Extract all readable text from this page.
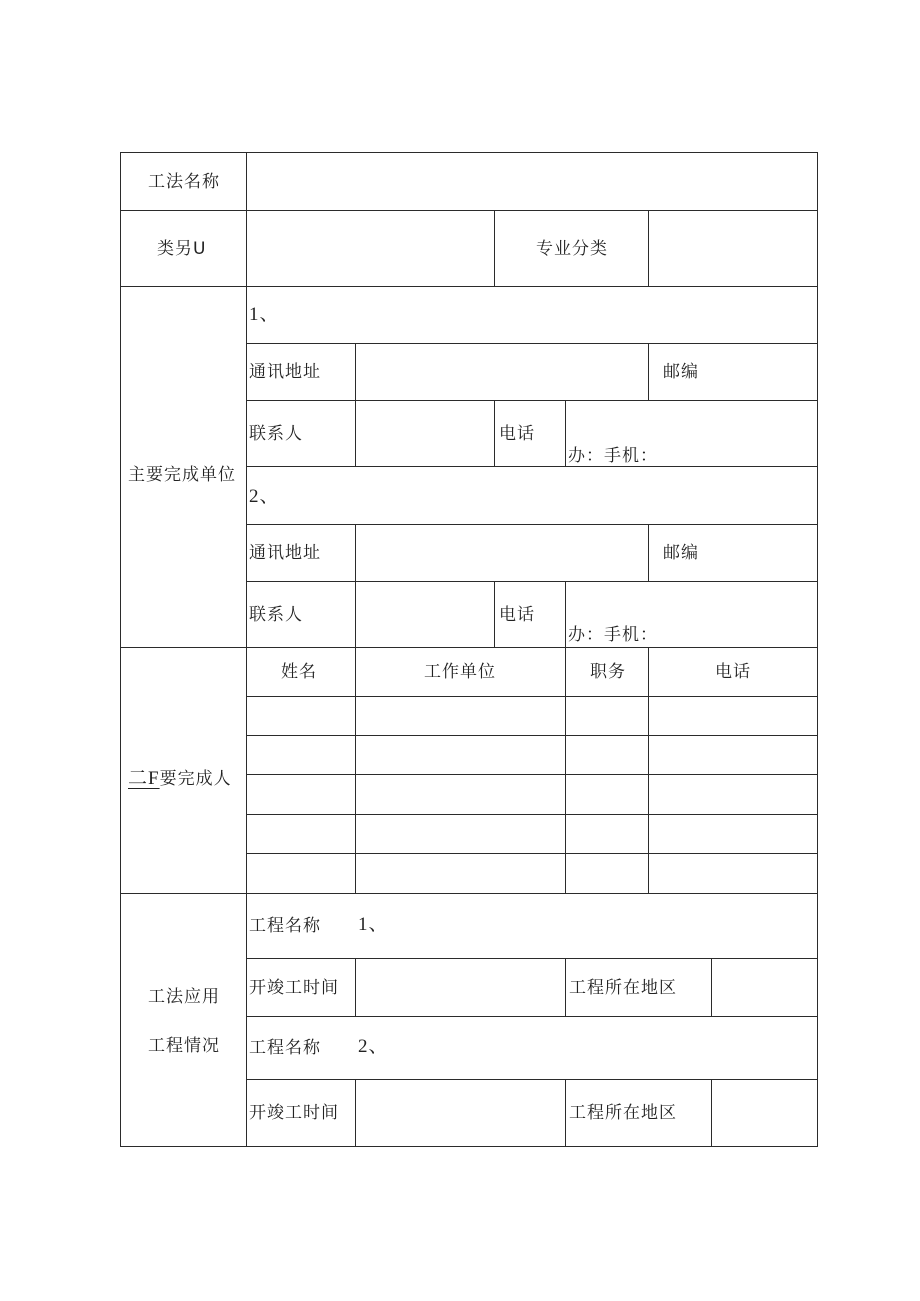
工法名称
类另U	专业分类
主要完成单位
1、
通讯地址	邮编
联系人	电话
办：手机：
2、
通讯地址	邮编
联系人	电话
办：手机：
二F要完成人
姓名	工作单位	职务	电话
工法应用
工程情况
工程名称 1、
开竣工时间	工程所在地区
工程名称 2、
开竣工时间	工程所在地区
